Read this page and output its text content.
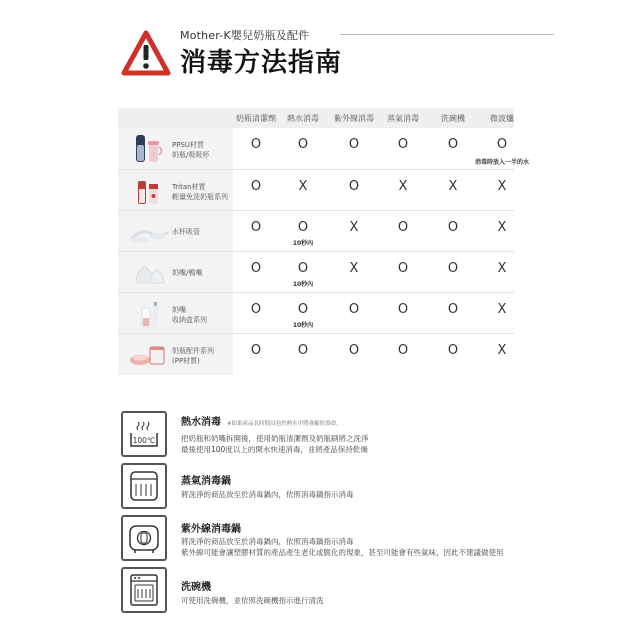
Mother-K嬰兒奶瓶及配件
消毒方法指南
奶瓶清潔劑 熱水消毒 紫外線消毒 蒸氣消毒	洗碗機	微波爐
PPSU材質
奶瓶/吸吸杯
O	O	O	O	O	O
消毒時放入一半的水
Tritan材質
輕量免洗奶瓶系列
O	X	O	X	X	X
水杯吸管	O	O	X	O	O	X
10秒內
奶嘴/鴨嘴	O	O	X	O	O	X
10秒內
奶嘴
收納盒系列
O	O	O	O	O	X
10秒內
奶瓶配件系列
(PP材質)
O	O	O	O	O	X
100℃
熱水消毒 ※如果產品長時間浸泡於熱水中將會縮短壽命。
把奶瓶和奶嘴拆開後，使用奶瓶清潔劑及奶瓶刷將之洗淨
最後使用100度以上的開水快速消毒，並將產品保持乾燥
蒸氣消毒鍋
將洗淨的商品放至於消毒鍋內，依照消毒鍋指示消毒
紫外線消毒鍋
將洗淨的商品放至於消毒鍋內，依照消毒鍋指示消毒
紫外線可能會讓塑膠材質的產品產生老化或脆化的現象，甚至可能會有些氣味，因此不建議做使用
洗碗機
可使用洗碗機，並依照洗碗機指示進行清洗
